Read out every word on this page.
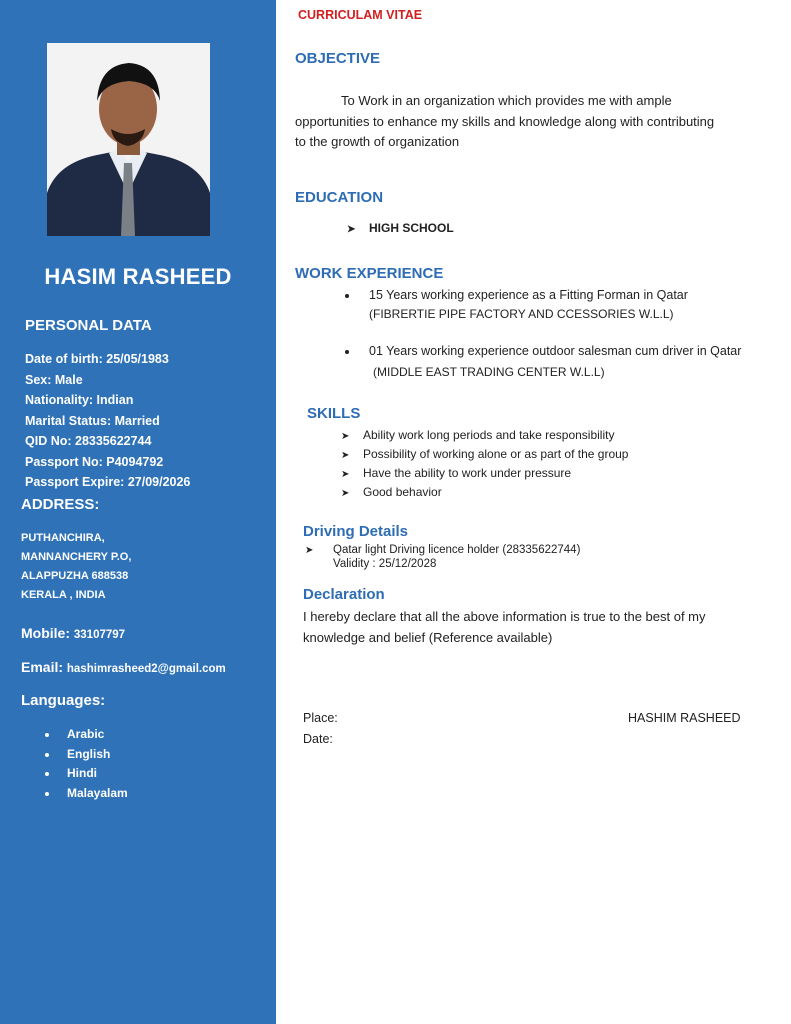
HASIM RASHEED
PERSONAL DATA
Date of birth: 25/05/1983
Sex: Male
Nationality: Indian
Marital Status: Married
QID No: 28335622744
Passport No: P4094792
Passport Expire: 27/09/2026
ADDRESS:
PUTHANCHIRA,
MANNANCHERY P.O,
ALAPPUZHA 688538
KERALA , INDIA
Mobile: 33107797
Email: hashimrasheed2@gmail.com
Languages:
Arabic
English
Hindi
Malayalam
CURRICULAM VITAE
OBJECTIVE
To Work in an organization which provides me with ample
opportunities to enhance my skills and knowledge along with contributing
to the growth of organization
EDUCATION
➤ HIGH SCHOOL
WORK EXPERIENCE
15 Years working experience as a Fitting Forman in Qatar
(FIBRERTIE PIPE FACTORY AND CCESSORIES W.L.L)
01 Years working experience outdoor salesman cum driver in Qatar
(MIDDLE EAST TRADING CENTER W.L.L)
SKILLS
➤ Ability work long periods and take responsibility
➤ Possibility of working alone or as part of the group
➤ Have the ability to work under pressure
➤ Good behavior
Driving Details
➤ Qatar light Driving licence holder (28335622744)
Validity : 25/12/2028
Declaration
I hereby declare that all the above information is true to the best of my
knowledge and belief (Reference available)
Place:
Date:
HASHIM RASHEED
